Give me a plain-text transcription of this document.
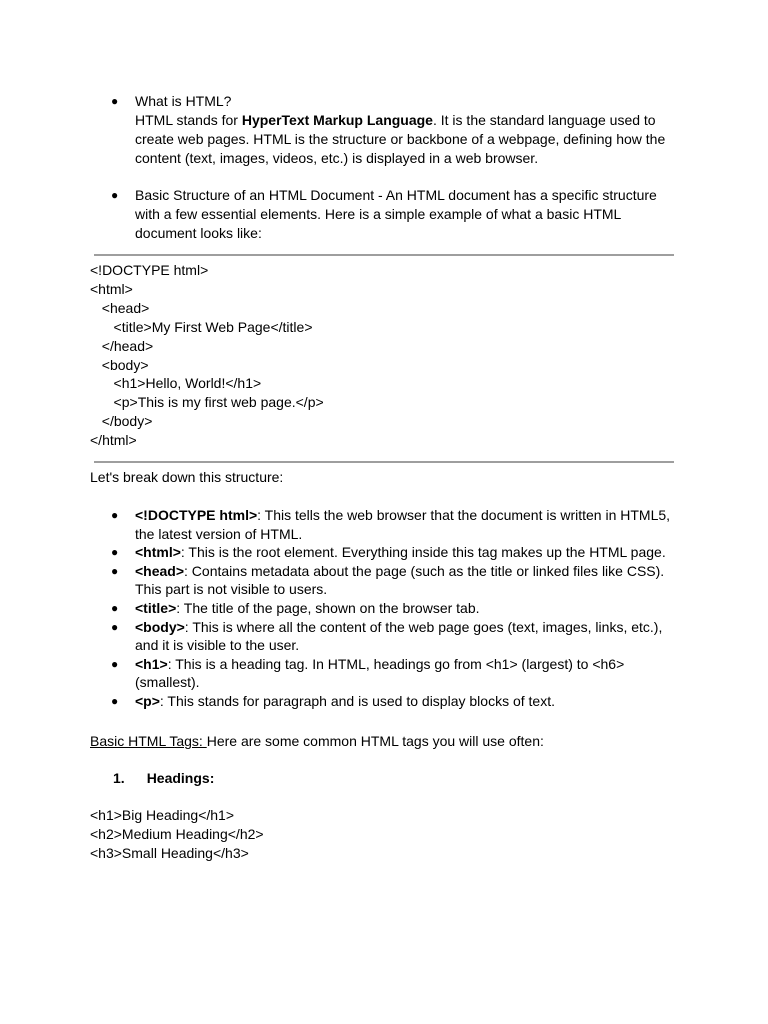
●	What is HTML?
HTML stands for HyperText Markup Language. It is the standard language used to create web pages. HTML is the structure or backbone of a webpage, defining how the content (text, images, videos, etc.) is displayed in a web browser.
●	Basic Structure of an HTML Document - An HTML document has a specific structure with a few essential elements. Here is a simple example of what a basic HTML document looks like:
<!DOCTYPE html>
<html>
<head>
<title>My First Web Page</title>
</head>
<body>
<h1>Hello, World!</h1>
<p>This is my first web page.</p>
</body>
</html>
Let's break down this structure:
● <!DOCTYPE html>: This tells the web browser that the document is written in HTML5, the latest version of HTML.
● <html>: This is the root element. Everything inside this tag makes up the HTML page.
● <head>: Contains metadata about the page (such as the title or linked files like CSS). This part is not visible to users.
● <title>: The title of the page, shown on the browser tab.
● <body>: This is where all the content of the web page goes (text, images, links, etc.), and it is visible to the user.
● <h1>: This is a heading tag. In HTML, headings go from <h1> (largest) to <h6> (smallest).
● <p>: This stands for paragraph and is used to display blocks of text.
Basic HTML Tags: Here are some common HTML tags you will use often:
1. Headings:
<h1>Big Heading</h1>
<h2>Medium Heading</h2>
<h3>Small Heading</h3>
